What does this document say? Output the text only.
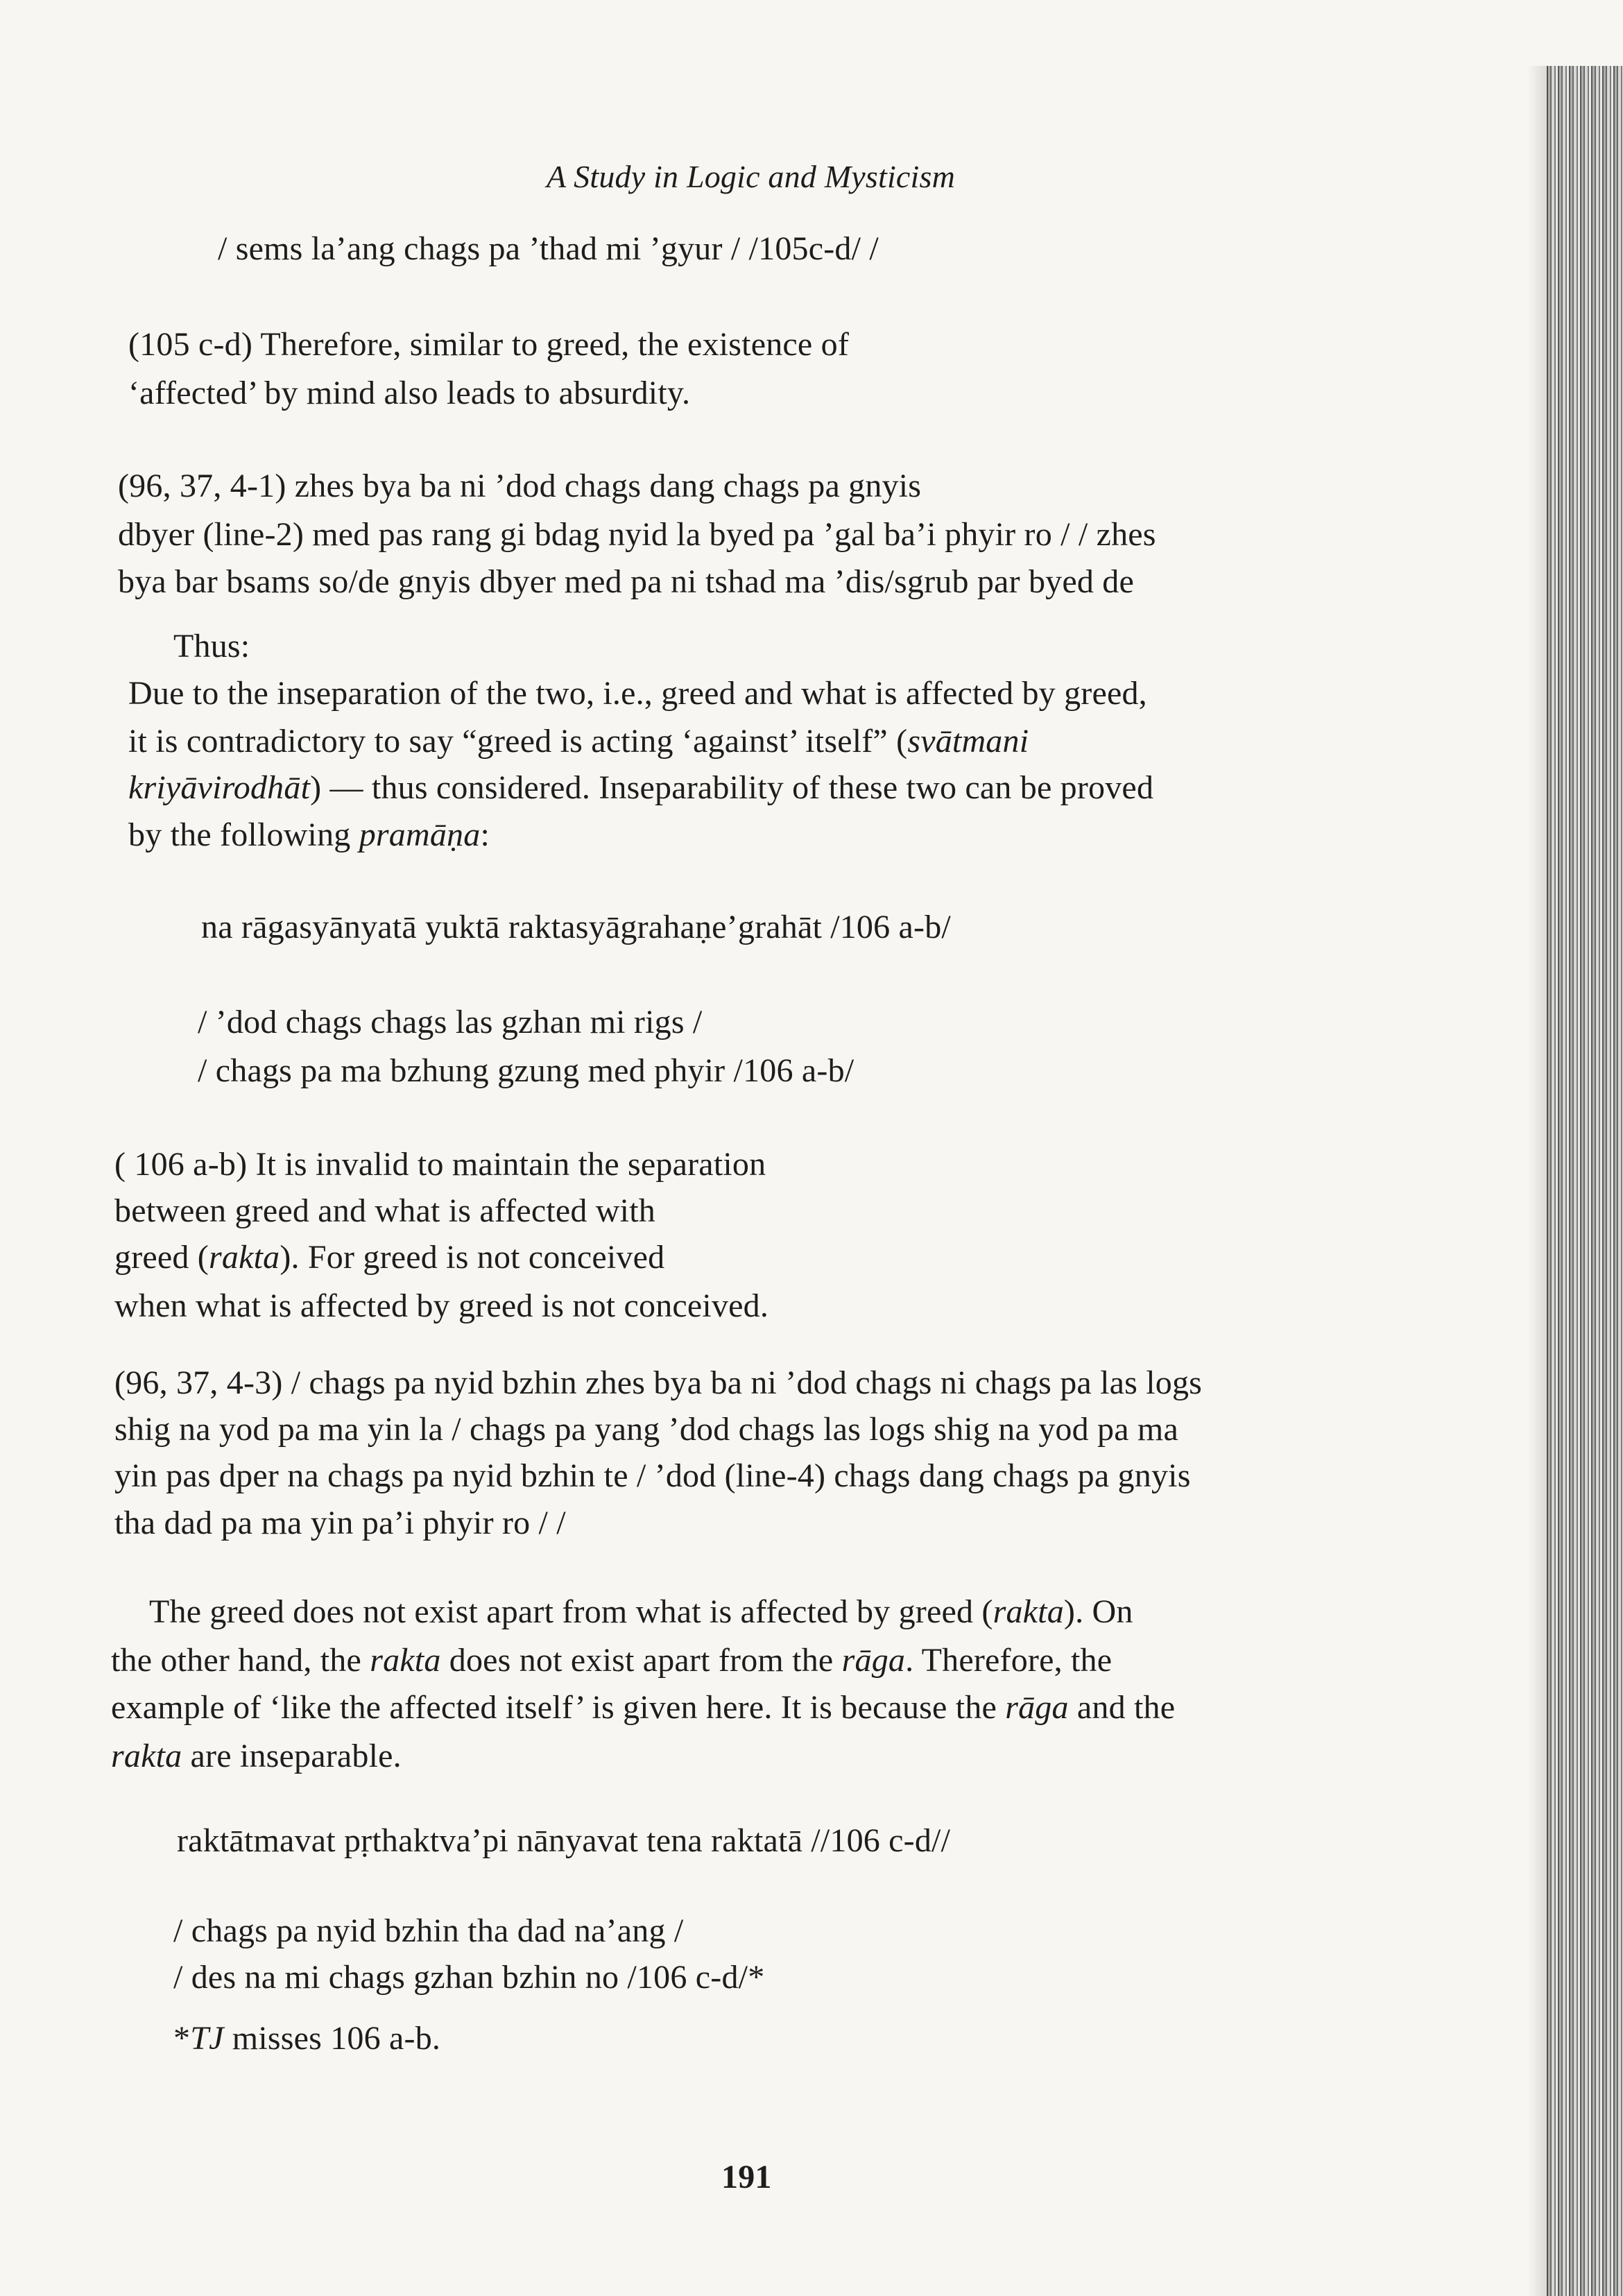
A Study in Logic and Mysticism
/ sems la’ang chags pa ’thad mi ’gyur / /105c-d/ /
(105 c-d) Therefore, similar to greed, the existence of
‘affected’ by mind also leads to absurdity.
(96, 37, 4-1) zhes bya ba ni ’dod chags dang chags pa gnyis
dbyer (line-2) med pas rang gi bdag nyid la byed pa ’gal ba’i phyir ro / / zhes
bya bar bsams so/de gnyis dbyer med pa ni tshad ma ’dis/sgrub par byed de
Thus:
Due to the inseparation of the two, i.e., greed and what is affected by greed,
it is contradictory to say “greed is acting ‘against’ itself” (svātmani
kriyāvirodhāt) — thus considered. Inseparability of these two can be proved
by the following pramāṇa:
na rāgasyānyatā yuktā raktasyāgrahaṇe’grahāt /106 a-b/
/ ’dod chags chags las gzhan mi rigs /
/ chags pa ma bzhung gzung med phyir /106 a-b/
( 106 a-b) It is invalid to maintain the separation
between greed and what is affected with
greed (rakta). For greed is not conceived
when what is affected by greed is not conceived.
(96, 37, 4-3) / chags pa nyid bzhin zhes bya ba ni ’dod chags ni chags pa las logs
shig na yod pa ma yin la / chags pa yang ’dod chags las logs shig na yod pa ma
yin pas dper na chags pa nyid bzhin te / ’dod (line-4) chags dang chags pa gnyis
tha dad pa ma yin pa’i phyir ro / /
The greed does not exist apart from what is affected by greed (rakta). On
the other hand, the rakta does not exist apart from the rāga. Therefore, the
example of ‘like the affected itself’ is given here. It is because the rāga and the
rakta are inseparable.
raktātmavat pṛthaktva’pi nānyavat tena raktatā //106 c-d//
/ chags pa nyid bzhin tha dad na’ang /
/ des na mi chags gzhan bzhin no /106 c-d/*
*TJ misses 106 a-b.
191
